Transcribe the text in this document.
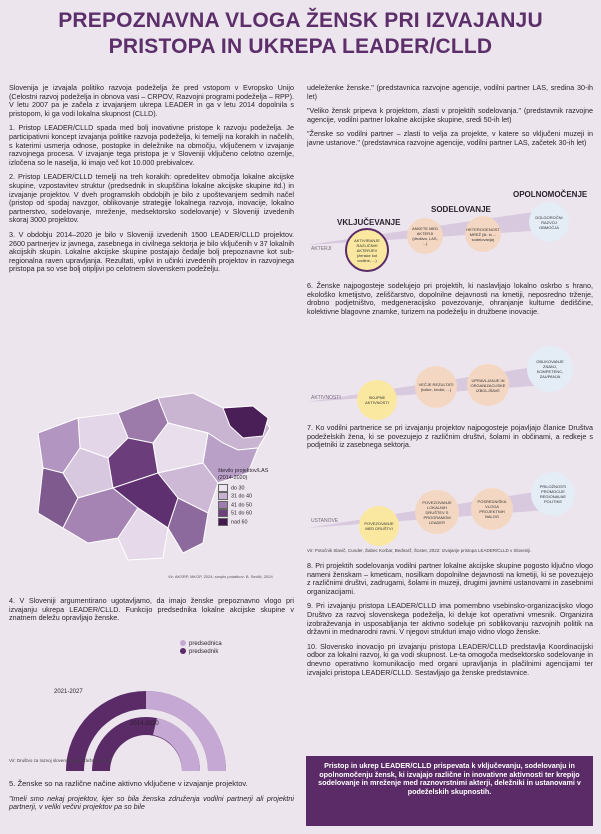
PREPOZNAVNA VLOGA ŽENSK PRI IZVAJANJU PRISTOPA IN UKREPA LEADER/CLLD

Slovenija je izvajala politiko razvoja podeželja že pred vstopom v Evropsko Unijo (Celostni razvoj podeželja in obnova vasi – CRPOV, Razvojni programi podeželja – RPP). V letu 2007 pa je začela z izvajanjem ukrepa LEADER in ga v letu 2014 dopolnila s pristopom, ki ga vodi lokalna skupnost (CLLD).

1. Pristop LEADER/CLLD spada med bolj inovativne pristope k razvoju podeželja. Je participativni koncept izvajanja politike razvoja podeželja, ki temelji na korakih in načelih, s katerimi usmerja odnose, postopke in deležnike na območju, vključenem v izvajanje razvojnega procesa. V izvajanje tega pristopa je v Sloveniji vključeno celotno ozemlje, izločena so le naselja, ki imajo več kot 10.000 prebivalcev.

2. Pristop LEADER/CLLD temelji na treh korakih: opredelitev območja lokalne akcijske skupine, vzpostavitev struktur (predsednik in skupščina lokalne akcijske skupine itd.) in izvajanje projektov. V dveh programskih obdobjih je bilo z upoštevanjem sedmih načel (pristop od spodaj navzgor, oblikovanje strategije lokalnega razvoja, inovacije, lokalno partnerstvo, sodelovanje, mreženje, medsektorsko sodelovanje) v Sloveniji izvedenih skoraj 3000 projektov.

3. V obdobju 2014–2020 je bilo v Sloveniji izvedenih 1500 LEADER/CLLD projektov. 2600 partnerjev iz javnega, zasebnega in civilnega sektorja je bilo vključenih v 37 lokalnih akcijskih skupin. Lokalne akcijske skupine postajajo čedalje bolj prepoznavne kot sub-regionalna raven upravljanja. Rezultati, vplivi in učinki izvedenih projektov in razvojnega pristopa pa so vse bolj otipljivi po celotnem slovenskem podeželju.

število projektov/LAS (2014-2020)
do 30
31 do 40
41 do 50
51 do 60
nad 60
Vir: AKSRP, MKGP, 2024; snopis podatkov: B. Sedlič, 2024

4. V Sloveniji argumentirano ugotavljamo, da imajo ženske prepoznavno vlogo pri izvajanju ukrepa LEADER/CLLD. Funkcijo predsednika lokalne akcijske skupine v znatnem deležu opravljajo ženske.

predsednica
predsednik
2021-2027
2014-2020
Vir: Društvo za razvoj slovenskega podeželja, 2024.

5. Ženske so na različne načine aktivno vključene v izvajanje projektov.

"Imeli smo nekaj projektov, kjer so bila ženska združenja vodilni partnerji ali projektni partnerji, v veliki večini projektov pa so bile

udeleženke ženske." (predstavnica razvojne agencije, vodilni partner LAS, sredina 30-ih let)

"Veliko žensk pripeva k projektom, zlasti v projektih sodelovanja." (predstavnik razvojne agencije, vodilni partner lokalne akcijske skupine, sredi 50-ih let)

"Ženske so vodilni partner – zlasti to velja za projekte, v katere so vključeni muzeji in javne ustanove." (predstavnica razvojne agencije, vodilni partner LAS, začetek 30-ih let)

VKLJUČEVANJE
SODELOVANJE
OPOLNOMOČENJE
AKTERJI
AKTIVIRANJE RAZLIČNIH AKTERJEV (ženske kot vodilne, ...)
ANKETE MED AKTERJI (društva, LAS, ...)
HETEROGENOST MREŽ (št. in ... sodelovanja)
DOLGOROČNI RAZVOJ OBMOČJA

6. Ženske najpogosteje sodelujejo pri projektih, ki naslavljajo lokalno oskrbo s hrano, ekološko kmetijstvo, zeliščarstvo, dopolnilne dejavnosti na kmetiji, neposredno trženje, drobno podjetništvo, medgeneracijsko povezovanje, ohranjanje kulturne dediščine, kolektivne blagovne znamke, turizem na podeželju in družbene inovacije.

AKTIVNOSTI	SKUPNE AKTIVNOSTI
VEČJE REZULTATI (točke, krožki, ...)
UPRAVLJANJE IN ORGANIZACIJSKE IZBOLJŠAVE
OBLIKOVANJE ZNANJ, KOMPETENC, ZAUPANJA

7. Ko vodilni partnerice se pri izvajanju projektov najpogosteje pojavljajo članice Društva podeželskih žena, ki se povezujejo z različnim društvi, šolami in občinami, a redkeje s podjetniki iz zasebnega sektorja.

USTANOVE	POVEZOVANJE MED DRUŠTVI
POVEZOVANJE LOKALNIH DRUŠTEV S PROGRAMOM LEADER
POSREDNIŠKA VLOGA PROJEKTNIH NALOG
PRILOŽNOSTI PROMOCIJE REGIONALNE POLITIKE
Vir: Potočnik Slavič, Cunder, Šabec Korbar, Bednarž, Šoster, 2022: Izvajanje pristopa LEADER/CLLD v Sloveniji.

8. Pri projektih sodelovanja vodilni partner lokalne akcijske skupine pogosto ključno vlogo nameni ženskam – kmeticam, nosilkam dopolnilne dejavnosti na kmetiji, ki se povezujejo z različnimi društvi, zadrugami, šolami in muzeji, drugimi javnimi ustanovami in zasebnimi organizacijami.

9. Pri izvajanju pristopa LEADER/CLLD ima pomembno vsebinsko-organizacijsko vlogo Društvo za razvoj slovenskega podeželja, ki deluje kot operativni vmesnik. Organizira izobraževanja in usposabljanja ter aktivno sodeluje pri soblikovanju razvojnih politik na državni in mednarodni ravni. V njegovi strukturi imajo vidno vlogo ženske.

10. Slovensko inovacijo pri izvajanju pristopa LEADER/CLLD predstavlja Koordinacijski odbor za lokalni razvoj, ki ga vodi skupnost. Le-ta omogoča medsektorsko sodelovanje in dnevno operativno komunikacijo med organi upravljanja in plačilnimi agencijami ter izvajalci pristopa LEADER/CLLD. Sestavljajo ga ženske predstavnice.

Pristop in ukrep LEADER/CLLD prispevata k vključevanju, sodelovanju in opolnomočenju žensk, ki izvajajo različne in inovativne aktivnosti ter krepijo sodelovanje in mreženje med raznovrstnimi akterji, deležniki in ustanovami v podeželskih skupnostih.
